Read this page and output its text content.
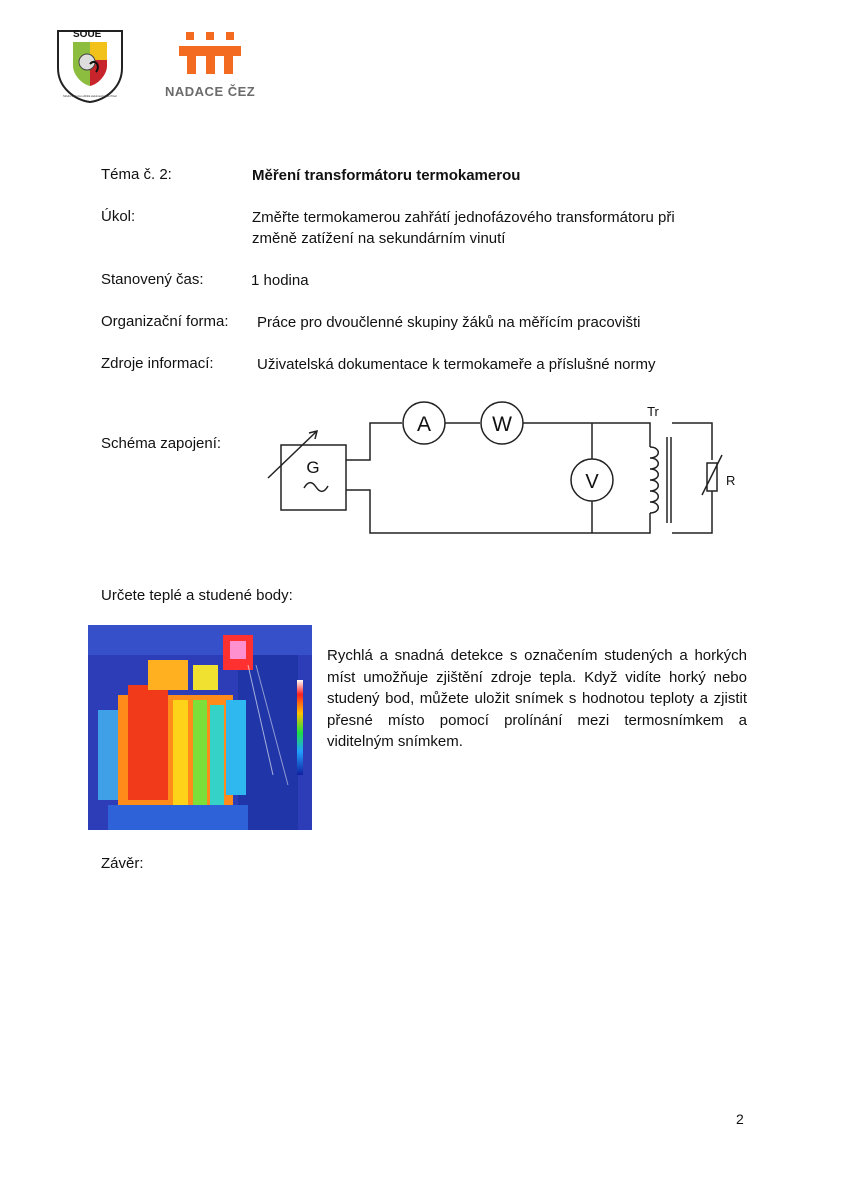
SOUE
Střední odborné učiliště elektrotechnické Plzeň	NADACE ČEZ
Téma č. 2:	Měření transformátoru termokamerou
Úkol:	Změřte termokamerou zahřátí jednofázového transformátoru při
změně zatížení na sekundárním vinutí
Stanovený čas:	1 hodina
Organizační forma: Práce pro dvoučlenné skupiny žáků na měřícím pracovišti
Zdroje informací:	Uživatelská dokumentace k termokameře a příslušné normy
Schéma zapojení:
A	W
V
G
Tr
R
Určete teplé a studené body:
Rychlá a snadná detekce s označením studených a horkých míst umožňuje zjištění zdroje tepla. Když vidíte horký nebo studený bod, můžete uložit snímek s hodnotou teploty a zjistit přesné místo pomocí prolínání mezi termosnímkem a viditelným snímkem.
Závěr:
2
